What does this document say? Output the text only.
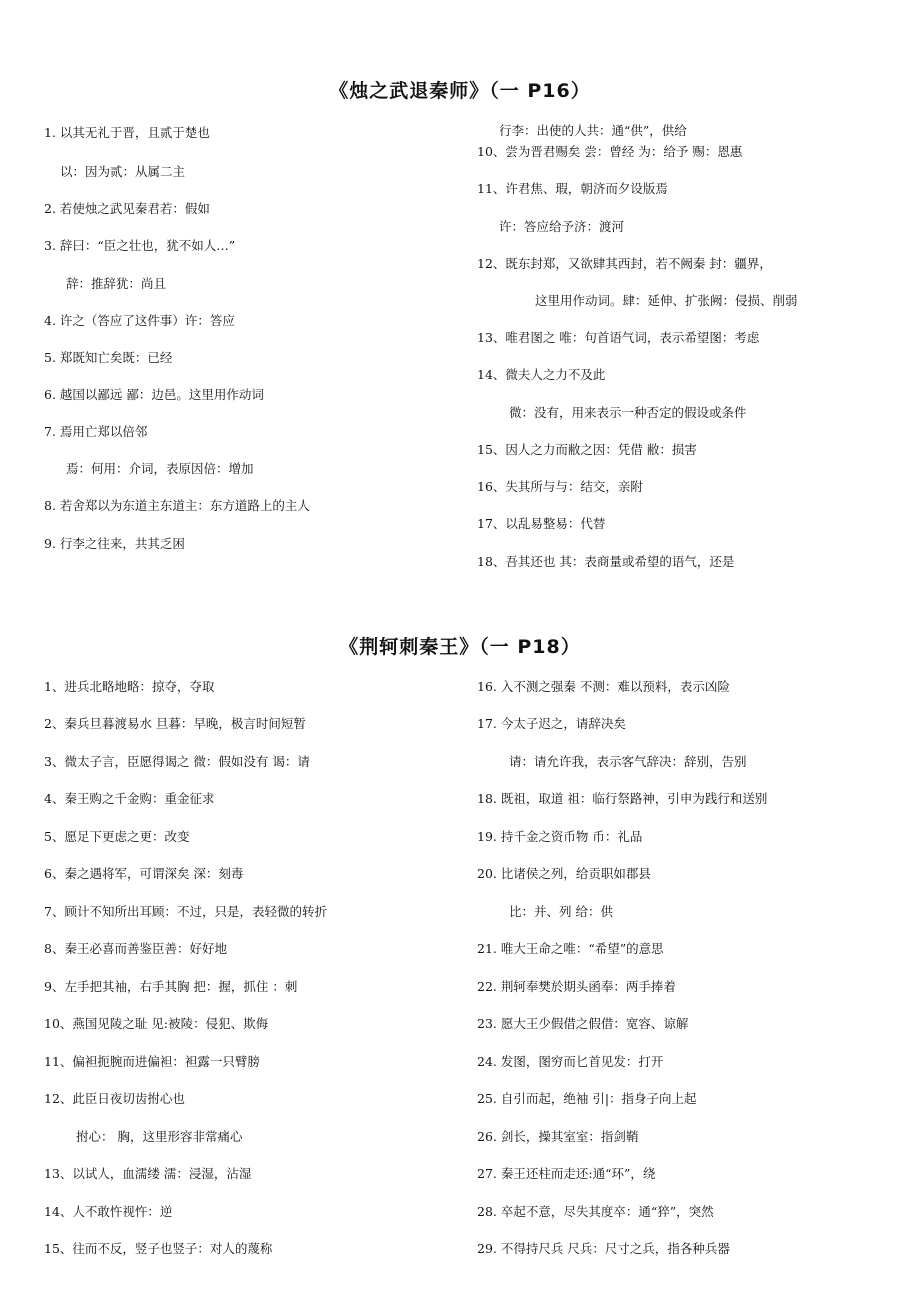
《烛之武退秦师》（一 P16）
1. 以其无礼于晋，且贰于楚也
以：因为贰：从属二主
2. 若使烛之武见秦君若：假如
3. 辞曰：“臣之壮也，犹不如人…”
辞：推辞犹：尚且
4. 许之（答应了这件事）许：答应
5. 郑既知亡矣既：已经
6. 越国以鄙远 鄙：边邑。这里用作动词
7. 焉用亡郑以倍邻
焉：何用：介词，表原因倍：增加
8. 若舍郑以为东道主东道主：东方道路上的主人
9. 行李之往来，共其乏困
行李：出使的人共：通“供”，供给
10、尝为晋君赐矣 尝：曾经 为：给予 赐：恩惠
11、许君焦、瑕，朝济而夕设版焉
许：答应给予济：渡河
12、既东封郑，又欲肆其西封，若不阙秦 封：疆界，
这里用作动词。肆：延伸、扩张阙：侵损、削弱
13、唯君图之 唯：句首语气词，表示希望图：考虑
14、微夫人之力不及此
微：没有，用来表示一种否定的假设或条件
15、因人之力而敝之因：凭借 敝：损害
16、失其所与与：结交，亲附
17、以乱易整易：代替
18、吾其还也 其：表商量或希望的语气，还是
《荆轲刺秦王》（一 P18）
1、进兵北略地略：掠夺，夺取
2、秦兵旦暮渡易水 旦暮：早晚，极言时间短暂
3、微太子言，臣愿得谒之 微：假如没有 谒：请
4、秦王购之千金购：重金征求
5、愿足下更虑之更：改变
6、秦之遇将军，可谓深矣 深：刻毒
7、顾计不知所出耳顾：不过，只是，表轻微的转折
8、秦王必喜而善鉴臣善：好好地
9、左手把其袖，右手其胸 把：握，抓住 ：刺
10、燕国见陵之耻 见:被陵：侵犯、欺侮
11、偏袒扼腕而进偏袒：袒露一只臂膀
12、此臣日夜切齿拊心也
拊心： 胸，这里形容非常痛心
13、以试人，血濡缕 濡：浸湿，沾湿
14、人不敢忤视忤：逆
15、往而不反，竖子也竖子：对人的蔑称
16. 入不测之强秦 不测：难以预料，表示凶险
17. 今太子迟之，请辞决矣
请：请允许我，表示客气辞决：辞别，告别
18. 既祖，取道 祖：临行祭路神，引申为践行和送别
19. 持千金之资币物 币：礼品
20. 比诸侯之列，给贡职如郡县
比：并、列 给：供
21. 唯大王命之唯：“希望”的意思
22. 荆轲奉樊於期头函奉：两手捧着
23. 愿大王少假借之假借：宽容、谅解
24. 发图，图穷而匕首见发：打开
25. 自引而起，绝袖 引|：指身子向上起
26. 剑长，操其室室：指剑鞘
27. 秦王还柱而走还:通“环”，绕
28. 卒起不意，尽失其度卒：通“猝”，突然
29. 不得持尺兵 尺兵：尺寸之兵，指各种兵器
